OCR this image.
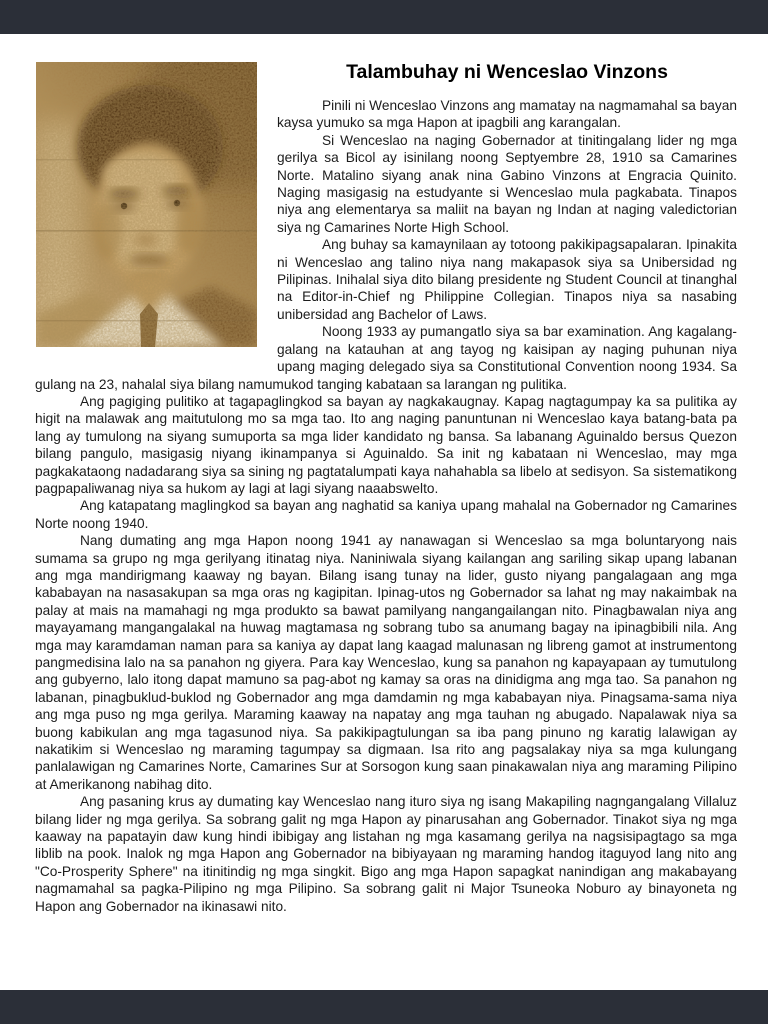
Talambuhay ni Wenceslao Vinzons

Pinili ni Wenceslao Vinzons ang mamatay na nagmamahal sa bayan kaysa yumuko sa mga Hapon at ipagbili ang karangalan.

Si Wenceslao na naging Gobernador at tinitingalang lider ng mga gerilya sa Bicol ay isinilang noong Septyembre 28, 1910 sa Camarines Norte. Matalino siyang anak nina Gabino Vinzons at Engracia Quinito. Naging masigasig na estudyante si Wenceslao mula pagkabata. Tinapos niya ang elementarya sa maliit na bayan ng Indan at naging valedictorian siya ng Camarines Norte High School.

Ang buhay sa kamaynilaan ay totoong pakikipagsapalaran. Ipinakita ni Wenceslao ang talino niya nang makapasok siya sa Unibersidad ng Pilipinas. Inihalal siya dito bilang presidente ng Student Council at tinanghal na Editor-in-Chief ng Philippine Collegian. Tinapos niya sa nasabing unibersidad ang Bachelor of Laws.

Noong 1933 ay pumangatlo siya sa bar examination. Ang kagalang-galang na katauhan at ang tayog ng kaisipan ay naging puhunan niya upang maging delegado siya sa Constitutional Convention noong 1934. Sa gulang na 23, nahalal siya bilang namumukod tanging kabataan sa larangan ng pulitika.

Ang pagiging pulitiko at tagapaglingkod sa bayan ay nagkakaugnay. Kapag nagtagumpay ka sa pulitika ay higit na malawak ang maitutulong mo sa mga tao. Ito ang naging panuntunan ni Wenceslao kaya batang-bata pa lang ay tumulong na siyang sumuporta sa mga lider kandidato ng bansa. Sa labanang Aguinaldo bersus Quezon bilang pangulo, masigasig niyang ikinampanya si Aguinaldo. Sa init ng kabataan ni Wenceslao, may mga pagkakataong nadadarang siya sa sining ng pagtatalumpati kaya nahahabla sa libelo at sedisyon. Sa sistematikong pagpapaliwanag niya sa hukom ay lagi at lagi siyang naaabswelto.

Ang katapatang maglingkod sa bayan ang naghatid sa kaniya upang mahalal na Gobernador ng Camarines Norte noong 1940.

Nang dumating ang mga Hapon noong 1941 ay nanawagan si Wenceslao sa mga boluntaryong nais sumama sa grupo ng mga gerilyang itinatag niya. Naniniwala siyang kailangan ang sariling sikap upang labanan ang mga mandirigmang kaaway ng bayan. Bilang isang tunay na lider, gusto niyang pangalagaan ang mga kababayan na nasasakupan sa mga oras ng kagipitan. Ipinag-utos ng Gobernador sa lahat ng may nakaimbak na palay at mais na mamahagi ng mga produkto sa bawat pamilyang nangangailangan nito. Pinagbawalan niya ang mayayamang mangangalakal na huwag magtamasa ng sobrang tubo sa anumang bagay na ipinagbibili nila. Ang mga may karamdaman naman para sa kaniya ay dapat lang kaagad malunasan ng libreng gamot at instrumentong pangmedisina lalo na sa panahon ng giyera. Para kay Wenceslao, kung sa panahon ng kapayapaan ay tumutulong ang gubyerno, lalo itong dapat mamuno sa pag-abot ng kamay sa oras na dinidigma ang mga tao. Sa panahon ng labanan, pinagbuklud-buklod ng Gobernador ang mga damdamin ng mga kababayan niya. Pinagsama-sama niya ang mga puso ng mga gerilya. Maraming kaaway na napatay ang mga tauhan ng abugado. Napalawak niya sa buong kabikulan ang mga tagasunod niya. Sa pakikipagtulungan sa iba pang pinuno ng karatig lalawigan ay nakatikim si Wenceslao ng maraming tagumpay sa digmaan. Isa rito ang pagsalakay niya sa mga kulungang panlalawigan ng Camarines Norte, Camarines Sur at Sorsogon kung saan pinakawalan niya ang maraming Pilipino at Amerikanong nabihag dito.

Ang pasaning krus ay dumating kay Wenceslao nang ituro siya ng isang Makapiling nagngangalang Villaluz bilang lider ng mga gerilya. Sa sobrang galit ng mga Hapon ay pinarusahan ang Gobernador. Tinakot siya ng mga kaaway na papatayin daw kung hindi ibibigay ang listahan ng mga kasamang gerilya na nagsisipagtago sa mga liblib na pook. Inalok ng mga Hapon ang Gobernador na bibiyayaan ng maraming handog itaguyod lang nito ang "Co-Prosperity Sphere" na itinitindig ng mga singkit. Bigo ang mga Hapon sapagkat nanindigan ang makabayang nagmamahal sa pagka-Pilipino ng mga Pilipino. Sa sobrang galit ni Major Tsuneoka Noburo ay binayoneta ng Hapon ang Gobernador na ikinasawi nito.
